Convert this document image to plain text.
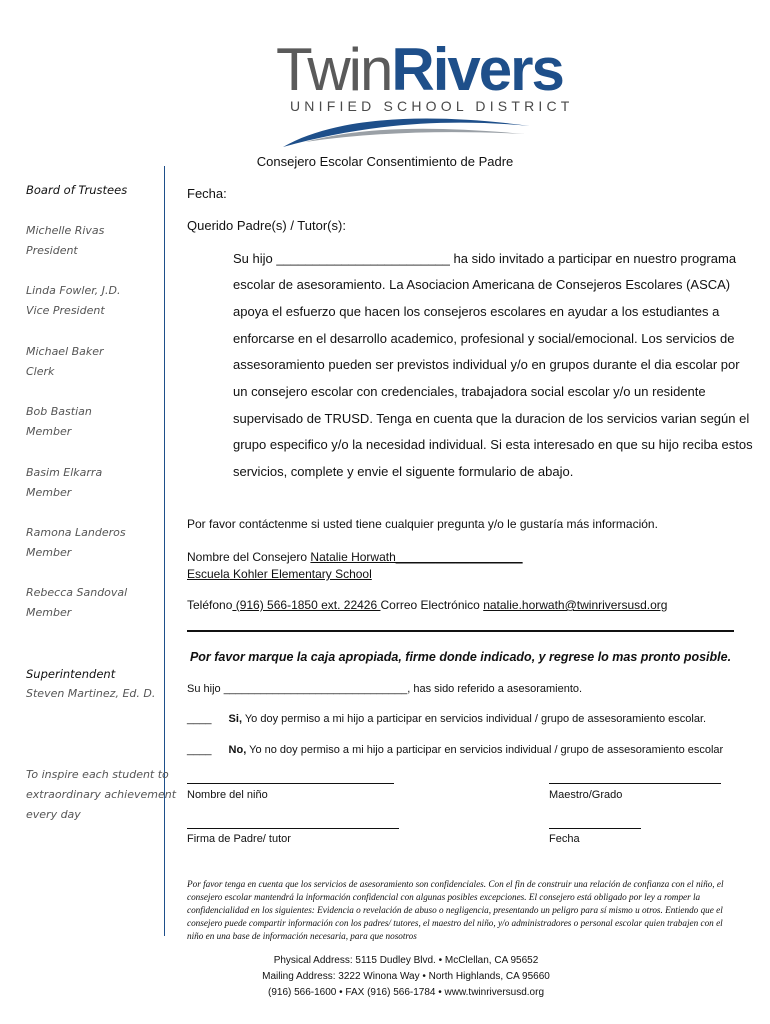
TwinRivers
UNIFIED SCHOOL DISTRICT
Consejero Escolar Consentimiento de Padre
Board of Trustees
Michelle Rivas
President
Linda Fowler, J.D.
Vice President
Michael Baker
Clerk
Bob Bastian
Member
Basim Elkarra
Member
Ramona Landeros
Member
Rebecca Sandoval
Member
Superintendent
Steven Martinez, Ed. D.
To inspire each student to
extraordinary achievement
every day
Fecha:
Querido Padre(s) / Tutor(s):
Su hijo ________________________ ha sido invitado a participar en nuestro programa
escolar de asesoramiento. La Asociacion Americana de Consejeros Escolares (ASCA)
apoya el esfuerzo que hacen los consejeros escolares en ayudar a los estudiantes a
enforcarse en el desarrollo academico, profesional y social/emocional. Los servicios de
assesoramiento pueden ser previstos individual y/o en grupos durante el dia escolar por
un consejero escolar con credenciales, trabajadora social escolar y/o un residente
supervisado de TRUSD. Tenga en cuenta que la duracion de los servicios varian según el
grupo especifico y/o la necesidad individual. Si esta interesado en que su hijo reciba estos
servicios, complete y envie el siguente formulario de abajo.
Por favor contáctenme si usted tiene cualquier pregunta y/o le gustaría más información.
Nombre del Consejero Natalie Horwath___________________
Escuela Kohler Elementary School
Teléfono (916) 566-1850 ext. 22426 Correo Electrónico natalie.horwath@twinriversusd.org
Por favor marque la caja apropiada, firme donde indicado, y regrese lo mas pronto posible.
Su hijo ______________________________, has sido referido a asesoramiento.
____ Si, Yo doy permiso a mi hijo a participar en servicios individual / grupo de assesoramiento escolar.
____ No, Yo no doy permiso a mi hijo a participar en servicios individual / grupo de assesoramiento escolar
Nombre del niño	Maestro/Grado
Firma de Padre/ tutor	Fecha
Por favor tenga en cuenta que los servicios de asesoramiento son confidenciales. Con el fin de construir una relación de confianza con el niño, el consejero escolar mantendrá la información confidencial con algunas posibles excepciones. El consejero está obligado por ley a romper la confidencialidad en los siguientes: Evidencia o revelación de abuso o negligencia, presentando un peligro para sí mismo u otros. Entiendo que el consejero puede compartir información con los padres/ tutores, el maestro del niño, y/o administradores o personal escolar quien trabajen con el niño en una base de información necesaria, para que nosotros
Physical Address: 5115 Dudley Blvd. • McClellan, CA 95652
Mailing Address: 3222 Winona Way • North Highlands, CA 95660
(916) 566-1600 • FAX (916) 566-1784 • www.twinriversusd.org
